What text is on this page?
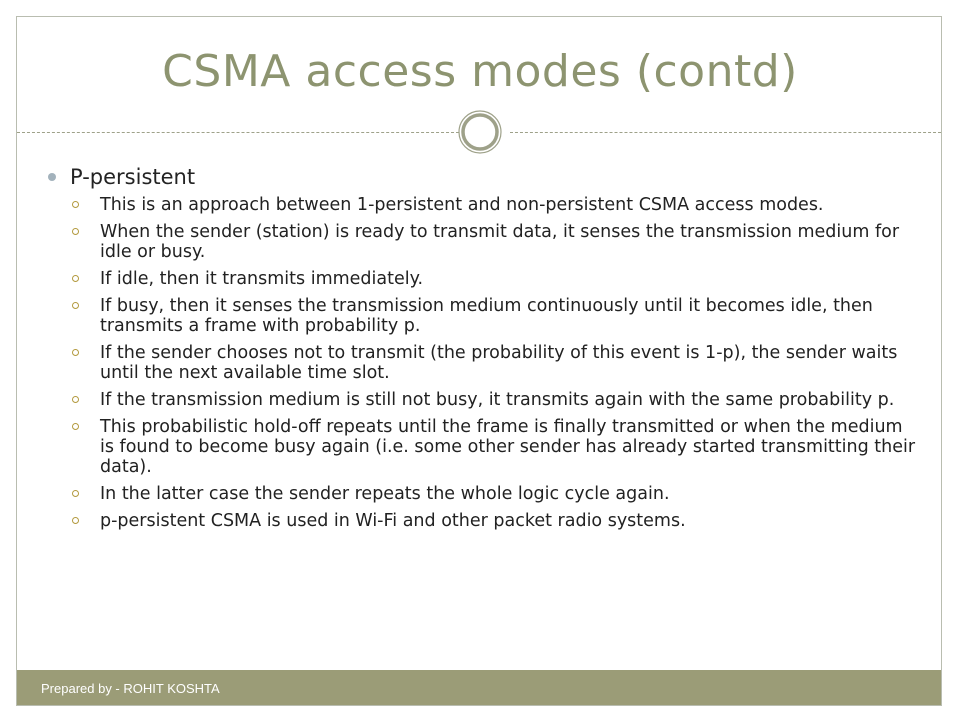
CSMA access modes (contd)
P-persistent
This is an approach between 1-persistent and non-persistent CSMA access modes.
When the sender (station) is ready to transmit data, it senses the transmission medium for idle or busy.
If idle, then it transmits immediately.
If busy, then it senses the transmission medium continuously until it becomes idle, then transmits a frame with probability p.
If the sender chooses not to transmit (the probability of this event is 1-p), the sender waits until the next available time slot.
If the transmission medium is still not busy, it transmits again with the same probability p.
This probabilistic hold-off repeats until the frame is finally transmitted or when the medium is found to become busy again (i.e. some other sender has already started transmitting their data).
In the latter case the sender repeats the whole logic cycle again.
p-persistent CSMA is used in Wi-Fi and other packet radio systems.
Prepared by - ROHIT KOSHTA
